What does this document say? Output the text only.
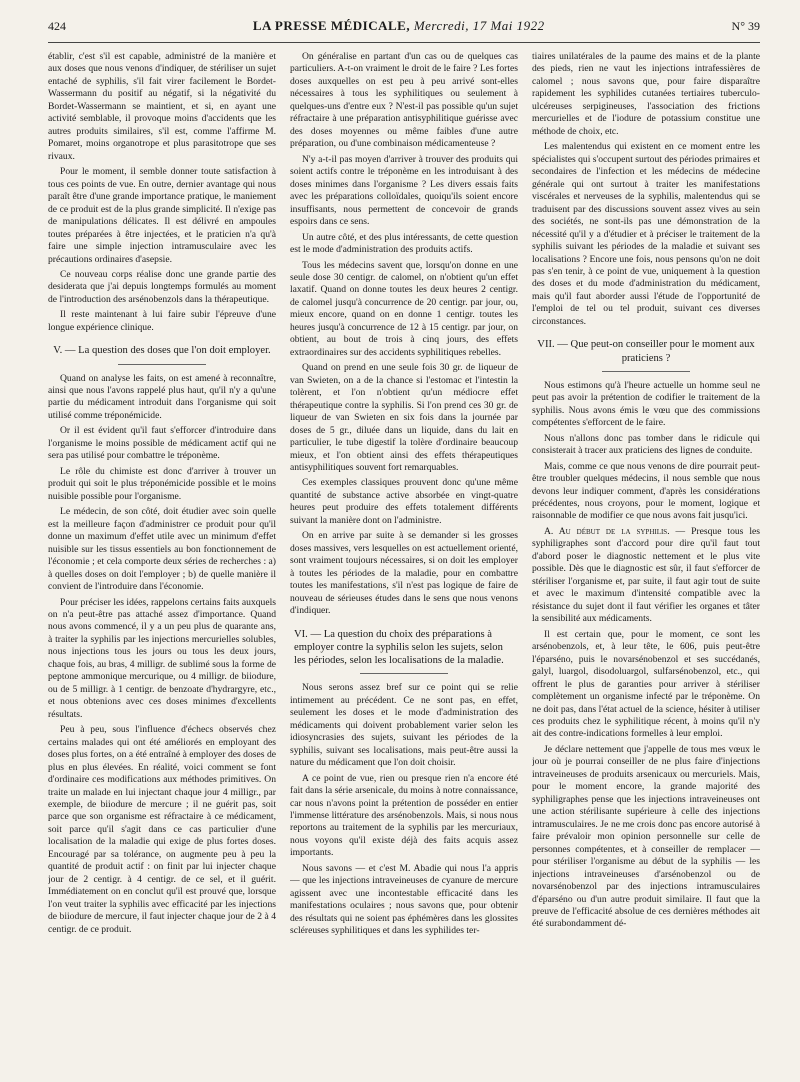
424	LA PRESSE MÉDICALE, Mercredi, 17 Mai 1922	N° 39

établir, c'est s'il est capable, administré de la manière et aux doses que nous venons d'indiquer, de stériliser un sujet entaché de syphilis, s'il fait virer facilement le Bordet-Wassermann du positif au négatif, si la négativité du Bordet-Wassermann se maintient, et si, en ayant une activité semblable, il provoque moins d'accidents que les autres produits similaires, s'il est, comme l'affirme M. Pomaret, moins organotrope et plus parasitotrope que ses rivaux.

Pour le moment, il semble donner toute satisfaction à tous ces points de vue. En outre, dernier avantage qui nous paraît être d'une grande importance pratique, le maniement de ce produit est de la plus grande simplicité. Il n'exige pas de manipulations délicates. Il est délivré en ampoules toutes préparées à être injectées, et le praticien n'a qu'à faire une simple injection intramusculaire avec les précautions ordinaires d'asepsie.

Ce nouveau corps réalise donc une grande partie des desiderata que j'ai depuis longtemps formulés au moment de l'introduction des arsénobenzols dans la thérapeutique.

Il reste maintenant à lui faire subir l'épreuve d'une longue expérience clinique.

V. — La question des doses que l'on doit employer.

Quand on analyse les faits, on est amené à reconnaître, ainsi que nous l'avons rappelé plus haut, qu'il n'y a qu'une partie du médicament introduit dans l'organisme qui soit utilisé comme tréponémicide.

Or il est évident qu'il faut s'efforcer d'introduire dans l'organisme le moins possible de médicament actif qui ne sera pas utilisé pour combattre le tréponème.

Le rôle du chimiste est donc d'arriver à trouver un produit qui soit le plus tréponémicide possible et le moins nuisible possible pour l'organisme.

Le médecin, de son côté, doit étudier avec soin quelle est la meilleure façon d'administrer ce produit pour qu'il donne un maximum d'effet utile avec un minimum d'effet nuisible sur les tissus essentiels au bon fonctionnement de l'économie ; et cela comporte deux séries de recherches : a) à quelles doses on doit l'employer ; b) de quelle manière il convient de l'introduire dans l'économie.

Pour préciser les idées, rappelons certains faits auxquels on n'a peut-être pas attaché assez d'importance. Quand nous avons commencé, il y a un peu plus de quarante ans, à traiter la syphilis par les injections mercurielles solubles, nous injections tous les jours ou tous les deux jours, chaque fois, au bras, 4 milligr. de sublimé sous la forme de peptone ammonique mercurique, ou 4 milligr. de biiodure, ou de 5 milligr. à 1 centigr. de benzoate d'hydrargyre, etc., et nous obtenions avec ces doses minimes d'excellents résultats.

Peu à peu, sous l'influence d'échecs observés chez certains malades qui ont été améliorés en employant des doses plus fortes, on a été entraîné à employer des doses de plus en plus élevées. En réalité, voici comment se font d'ordinaire ces modifications aux méthodes primitives. On traite un malade en lui injectant chaque jour 4 milligr., par exemple, de biiodure de mercure ; il ne guérit pas, soit parce que son organisme est réfractaire à ce médicament, soit parce qu'il s'agit dans ce cas particulier d'une localisation de la maladie qui exige de plus fortes doses. Encouragé par sa tolérance, on augmente peu à peu la quantité de produit actif : on finit par lui injecter chaque jour de 2 centigr. à 4 centigr. de ce sel, et il guérit. Immédiatement on en conclut qu'il est prouvé que, lorsque l'on veut traiter la syphilis avec efficacité par les injections de biiodure de mercure, il faut injecter chaque jour de 2 à 4 centigr. de ce produit.

On généralise en partant d'un cas ou de quelques cas particuliers. A-t-on vraiment le droit de le faire ? Les fortes doses auxquelles on est peu à peu arrivé sont-elles nécessaires à tous les syphilitiques ou seulement à quelques-uns d'entre eux ? N'est-il pas possible qu'un sujet réfractaire à une préparation antisyphilitique guérisse avec des doses moyennes ou même faibles d'une autre préparation, ou d'une combinaison médicamenteuse ?

N'y a-t-il pas moyen d'arriver à trouver des produits qui soient actifs contre le tréponème en les introduisant à des doses minimes dans l'organisme ? Les divers essais faits avec les préparations colloïdales, quoiqu'ils soient encore insuffisants, nous permettent de concevoir de grands espoirs dans ce sens.

Un autre côté, et des plus intéressants, de cette question est le mode d'administration des produits actifs.

Tous les médecins savent que, lorsqu'on donne en une seule dose 30 centigr. de calomel, on n'obtient qu'un effet laxatif. Quand on donne toutes les deux heures 2 centigr. de calomel jusqu'à concurrence de 20 centigr. par jour, ou, mieux encore, quand on en donne 1 centigr. toutes les heures jusqu'à concurrence de 12 à 15 centigr. par jour, on obtient, au bout de trois à cinq jours, des effets extraordinaires sur des accidents syphilitiques rebelles.

Quand on prend en une seule fois 30 gr. de liqueur de van Swieten, on a de la chance si l'estomac et l'intestin la tolèrent, et l'on n'obtient qu'un médiocre effet thérapeutique contre la syphilis. Si l'on prend ces 30 gr. de liqueur de van Swieten en six fois dans la journée par doses de 5 gr., diluée dans un liquide, dans du lait en particulier, le tube digestif la tolère d'ordinaire beaucoup mieux, et l'on obtient ainsi des effets thérapeutiques antisyphilitiques souvent fort remarquables.

Ces exemples classiques prouvent donc qu'une même quantité de substance active absorbée en vingt-quatre heures peut produire des effets totalement différents suivant la manière dont on l'administre.

On en arrive par suite à se demander si les grosses doses massives, vers lesquelles on est actuellement orienté, sont vraiment toujours nécessaires, si on doit les employer à toutes les périodes de la maladie, pour en combattre toutes les manifestations, s'il n'est pas logique de faire de nouveau de sérieuses études dans le sens que nous venons d'indiquer.

VI. — La question du choix des préparations à employer contre la syphilis selon les sujets, selon les périodes, selon les localisations de la maladie.

Nous serons assez bref sur ce point qui se relie intimement au précédent. Ce ne sont pas, en effet, seulement les doses et le mode d'administration des médicaments qui doivent probablement varier selon les idiosyncrasies des sujets, suivant les périodes de la syphilis, suivant ses localisations, mais peut-être aussi la nature du médicament que l'on doit choisir.

A ce point de vue, rien ou presque rien n'a encore été fait dans la série arsenicale, du moins à notre connaissance, car nous n'avons point la prétention de posséder en entier l'immense littérature des arsénobenzols. Mais, si nous nous reportons au traitement de la syphilis par les mercuriaux, nous voyons qu'il existe déjà des faits acquis assez importants.

Nous savons — et c'est M. Abadie qui nous l'a appris — que les injections intraveineuses de cyanure de mercure agissent avec une incontestable efficacité dans les manifestations oculaires ; nous savons que, pour obtenir des résultats qui ne soient pas éphémères dans les glossites scléreuses syphilitiques et dans les syphilides ter-

tiaires unilatérales de la paume des mains et de la plante des pieds, rien ne vaut les injections intrafessières de calomel ; nous savons que, pour faire disparaître rapidement les syphilides cutanées tertiaires tuberculo-ulcéreuses serpigineuses, l'association des frictions mercurielles et de l'iodure de potassium constitue une méthode de choix, etc.

Les malentendus qui existent en ce moment entre les spécialistes qui s'occupent surtout des périodes primaires et secondaires de l'infection et les médecins de médecine générale qui ont surtout à traiter les manifestations viscérales et nerveuses de la syphilis, malentendus qui se traduisent par des discussions souvent assez vives au sein des sociétés, ne sont-ils pas une démonstration de la nécessité qu'il y a d'étudier et à préciser le traitement de la syphilis suivant les périodes de la maladie et suivant ses localisations ? Encore une fois, nous pensons qu'on ne doit pas s'en tenir, à ce point de vue, uniquement à la question des doses et du mode d'administration du médicament, mais qu'il faut aborder aussi l'étude de l'opportunité de l'emploi de tel ou tel produit, suivant ces diverses circonstances.

VII. — Que peut-on conseiller pour le moment aux praticiens ?

Nous estimons qu'à l'heure actuelle un homme seul ne peut pas avoir la prétention de codifier le traitement de la syphilis. Nous avons émis le vœu que des commissions compétentes s'efforcent de le faire.

Nous n'allons donc pas tomber dans le ridicule qui consisterait à tracer aux praticiens des lignes de conduite.

Mais, comme ce que nous venons de dire pourrait peut-être troubler quelques médecins, il nous semble que nous devons leur indiquer comment, d'après les considérations précédentes, nous croyons, pour le moment, logique et raisonnable de modifier ce que nous avons fait jusqu'ici.

A. Au début de la syphilis. — Presque tous les syphiligraphes sont d'accord pour dire qu'il faut tout d'abord poser le diagnostic nettement et le plus vite possible. Dès que le diagnostic est sûr, il faut s'efforcer de stériliser l'organisme et, par suite, il faut agir tout de suite et avec le maximum d'intensité compatible avec la résistance du sujet dont il faut vérifier les organes et tâter la sensibilité aux médicaments.

Il est certain que, pour le moment, ce sont les arsénobenzols, et, à leur tête, le 606, puis peut-être l'éparséno, puis le novarsénobenzol et ses succédanés, galyl, luargol, disodoluargol, sulfarsénobenzol, etc., qui offrent le plus de garanties pour arriver à stériliser complètement un organisme infecté par le tréponème. On ne doit pas, dans l'état actuel de la science, hésiter à utiliser ces produits chez le syphilitique récent, à moins qu'il n'y ait des contre-indications formelles à leur emploi.

Je déclare nettement que j'appelle de tous mes vœux le jour où je pourrai conseiller de ne plus faire d'injections intraveineuses de produits arsenicaux ou mercuriels. Mais, pour le moment encore, la grande majorité des syphiligraphes pense que les injections intraveineuses ont une action stérilisante supérieure à celle des injections intramusculaires. Je ne me crois donc pas encore autorisé à faire prévaloir mon opinion personnelle sur celle de personnes compétentes, et à conseiller de remplacer — pour stériliser l'organisme au début de la syphilis — les injections intraveineuses d'arsénobenzol ou de novarsénobenzol par des injections intramusculaires d'éparséno ou d'un autre produit similaire. Il faut que la preuve de l'efficacité absolue de ces dernières méthodes ait été surabondamment dé-
